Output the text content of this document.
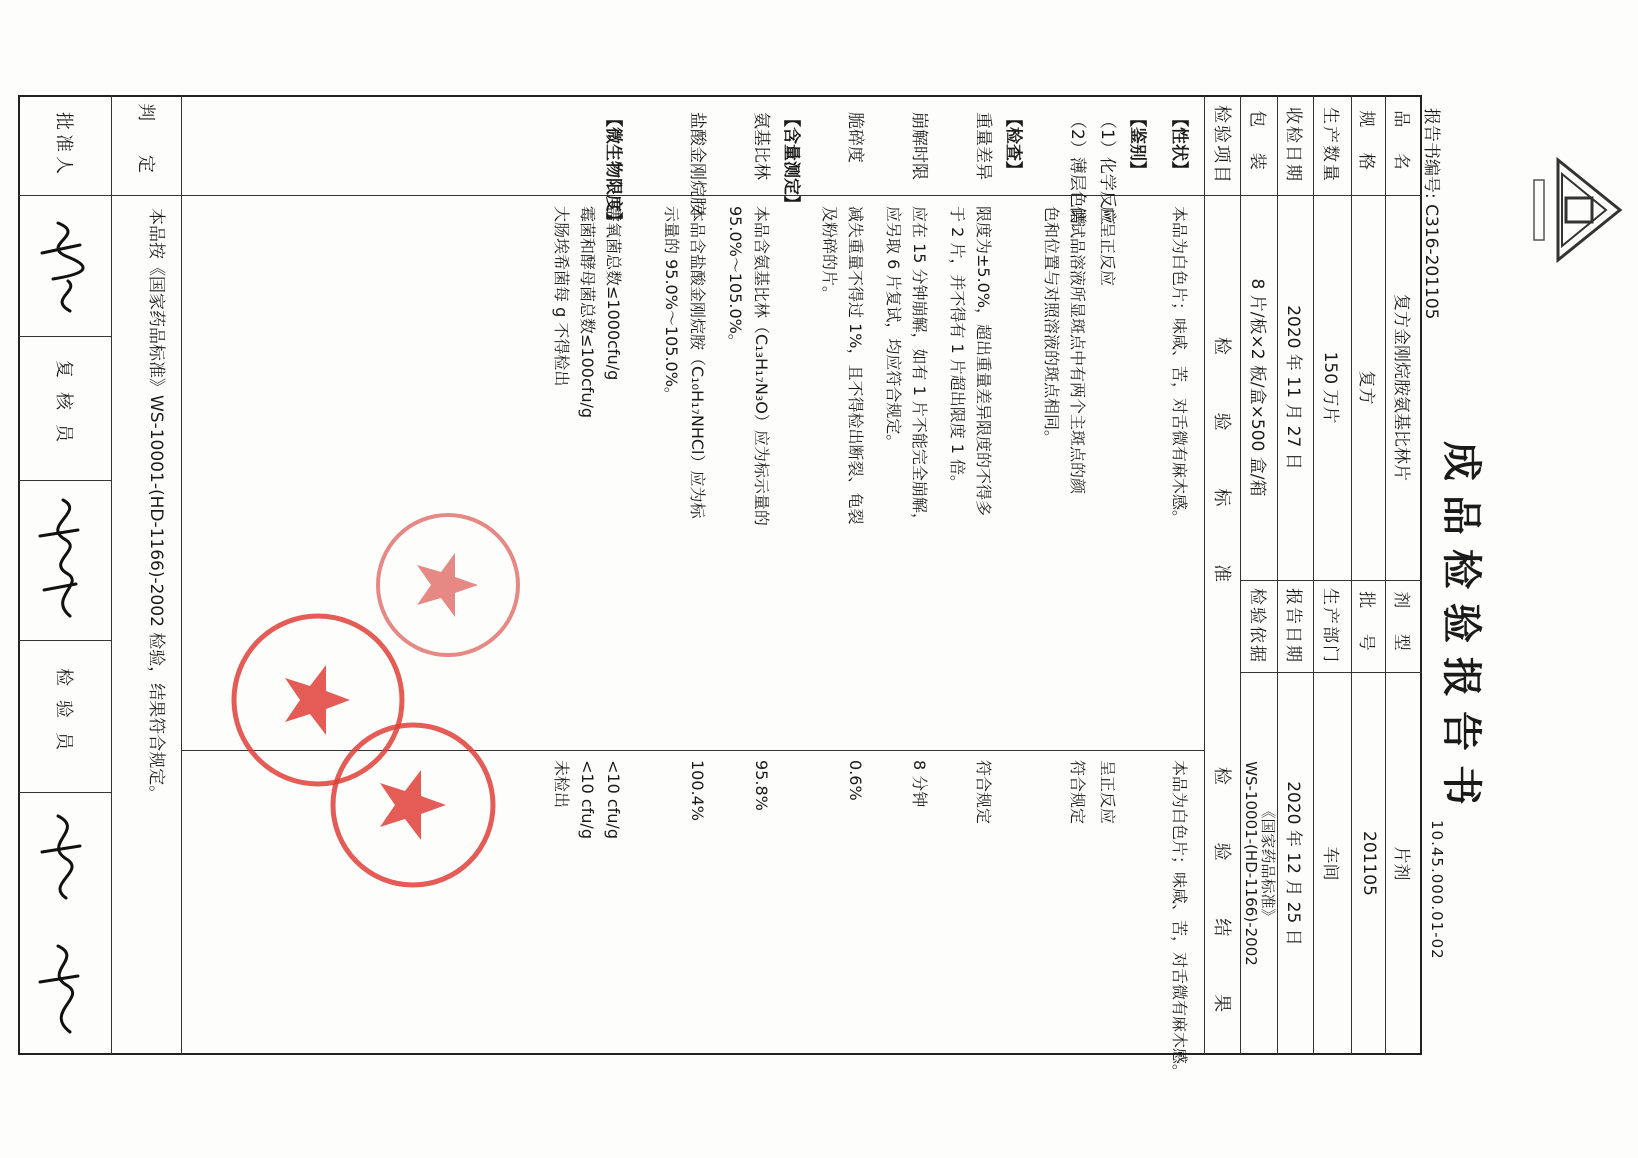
成品检验报告书
10.45.000.01-02
报告书编号: C316-201105
品 名
复方金刚烷胺氨基比林片
剂 型
片剂
规 格
复方
批 号
201105
生产数量
150 万片
生产部门
车间
收检日期
2020 年 11 月 27 日
报告日期
2020 年 12 月 25 日
包 装
8 片/板×2 板/盒×500 盒/箱
检验依据
《国家药品标准》
WS-10001-(HD-1166)-2002
检验项目
检 验 标 准
检 验 结 果
【性状】
本品为白色片；味咸、苦，对舌微有麻木感。
本品为白色片；味咸、苦，对舌微有麻木感。
【鉴别】
（1）化学反应
应呈正反应
呈正反应
（2）薄层色谱
供试品溶液所显斑点中有两个主斑点的颜
色和位置与对照溶液的斑点相同。
符合规定
【检查】
重量差异
限度为±5.0%，超出重量差异限度的不得多
于 2 片，并不得有 1 片超出限度 1 倍。
符合规定
崩解时限
应在 15 分钟崩解，如有 1 片不能完全崩解，
应另取 6 片复试，均应符合规定。
8 分钟
脆碎度
减失重量不得过 1%，且不得检出断裂、龟裂
及粉碎的片。
0.6%
【含量测定】
氨基比林
本品含氨基比林（C₁₃H₁₇N₃O）应为标示量的
95.0%～105.0%。
95.8%
盐酸金刚烷胺
本品含盐酸金刚烷胺（C₁₀H₁₇NHCl）应为标
示量的 95.0%～105.0%。
100.4%
【微生物限度】
需氧菌总数≤1000cfu/g
霉菌和酵母菌总数≤100cfu/g
大肠埃希菌每 g 不得检出
<10 cfu/g
<10 cfu/g
未检出
判 定
本品按《国家药品标准》WS-10001-(HD-1166)-2002 检验，结果符合规定。
批准人
复核员
检验员
